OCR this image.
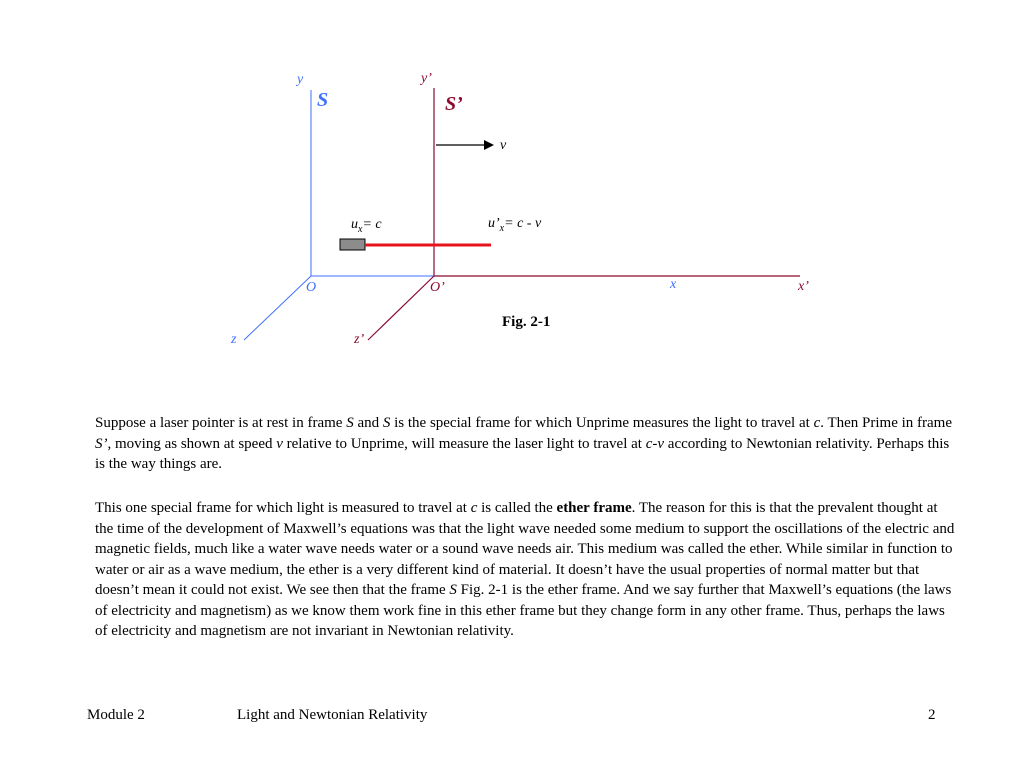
y
S
y’
S’
v
$u_x= c$	$u’_x= c - v$
O	O’	x	x’
z	z’
Fig. 2-1

Suppose a laser pointer is at rest in frame S and S is the special frame for which Unprime measures the light to travel at c. Then Prime in frame S’, moving as shown at speed v relative to Unprime, will measure the laser light to travel at c-v according to Newtonian relativity. Perhaps this is the way things are.

This one special frame for which light is measured to travel at c is called the ether frame. The reason for this is that the prevalent thought at the time of the development of Maxwell’s equations was that the light wave needed some medium to support the oscillations of the electric and magnetic fields, much like a water wave needs water or a sound wave needs air. This medium was called the ether. While similar in function to water or air as a wave medium, the ether is a very different kind of material. It doesn’t have the usual properties of normal matter but that doesn’t mean it could not exist. We see then that the frame S Fig. 2-1 is the ether frame. And we say further that Maxwell’s equations (the laws of electricity and magnetism) as we know them work fine in this ether frame but they change form in any other frame. Thus, perhaps the laws of electricity and magnetism are not invariant in Newtonian relativity.

Module 2	Light and Newtonian Relativity	2
